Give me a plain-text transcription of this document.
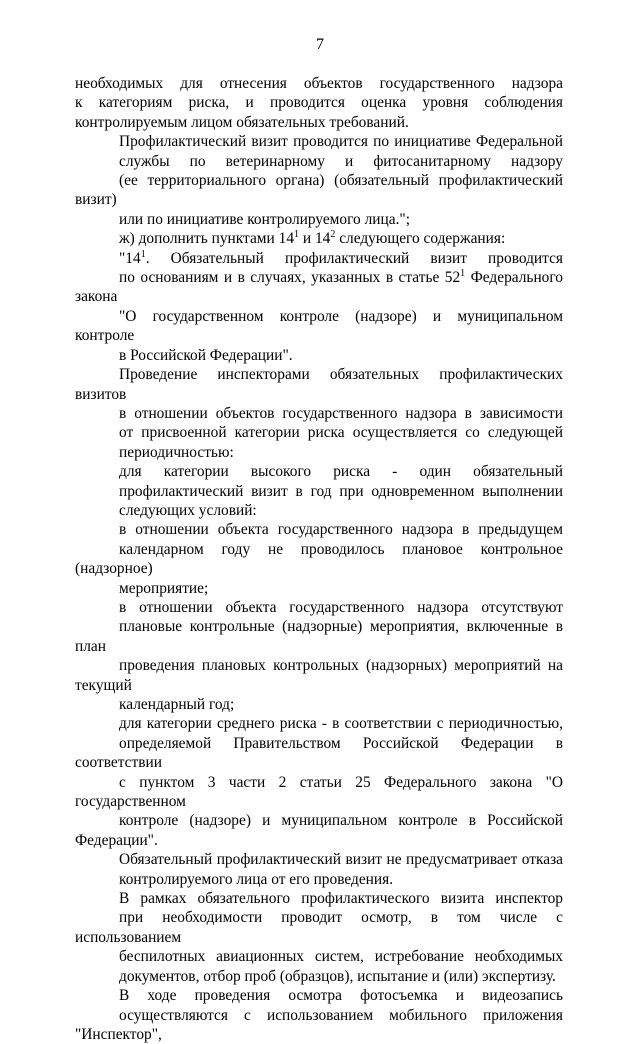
7
необходимых для отнесения объектов государственного надзора
к категориям риска, и проводится оценка уровня соблюдения
контролируемым лицом обязательных требований.
Профилактический визит проводится по инициативе Федеральной
службы по ветеринарному и фитосанитарному надзору
(ее территориального органа) (обязательный профилактический визит)
или по инициативе контролируемого лица.";
ж) дополнить пунктами $14^1$ и $14^2$ следующего содержания:
"$14^1$. Обязательный профилактический визит проводится
по основаниям и в случаях, указанных в статье $52^1$ Федерального закона
"О государственном контроле (надзоре) и муниципальном контроле
в Российской Федерации".
Проведение инспекторами обязательных профилактических визитов
в отношении объектов государственного надзора в зависимости
от присвоенной категории риска осуществляется со следующей
периодичностью:
для категории высокого риска - один обязательный
профилактический визит в год при одновременном выполнении
следующих условий:
в отношении объекта государственного надзора в предыдущем
календарном году не проводилось плановое контрольное (надзорное)
мероприятие;
в отношении объекта государственного надзора отсутствуют
плановые контрольные (надзорные) мероприятия, включенные в план
проведения плановых контрольных (надзорных) мероприятий на текущий
календарный год;
для категории среднего риска - в соответствии с периодичностью,
определяемой Правительством Российской Федерации в соответствии
с пунктом 3 части 2 статьи 25 Федерального закона "О государственном
контроле (надзоре) и муниципальном контроле в Российской Федерации".
Обязательный профилактический визит не предусматривает отказа
контролируемого лица от его проведения.
В рамках обязательного профилактического визита инспектор
при необходимости проводит осмотр, в том числе с использованием
беспилотных авиационных систем, истребование необходимых
документов, отбор проб (образцов), испытание и (или) экспертизу.
В ходе проведения осмотра фотосъемка и видеозапись
осуществляются с использованием мобильного приложения "Инспектор",
